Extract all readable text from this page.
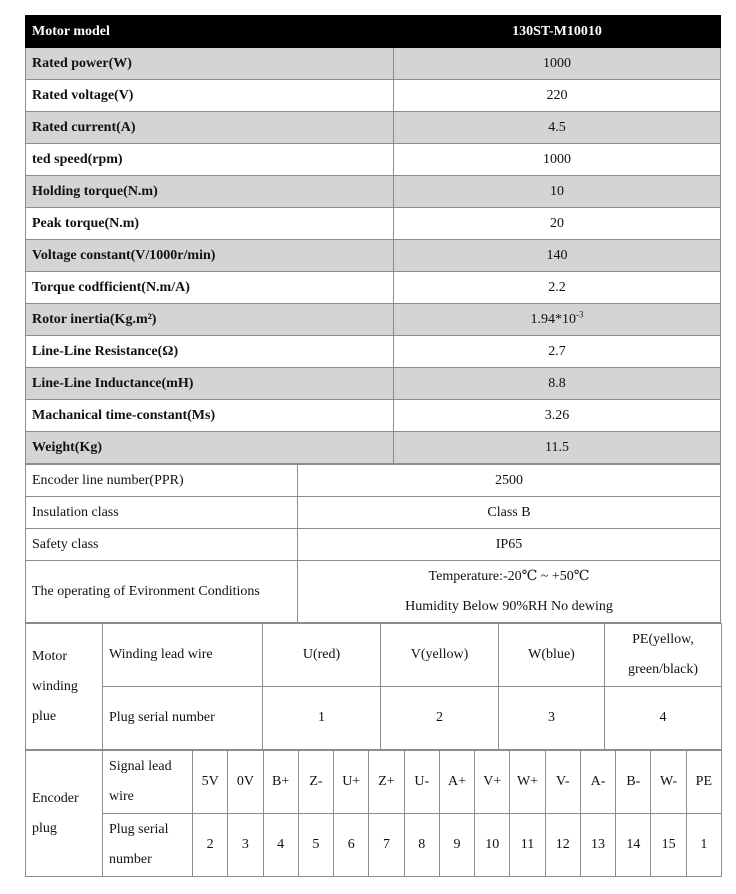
Motor model	130ST-M10010
Rated power(W)	1000
Rated voltage(V)	220
Rated current(A)	4.5
ted speed(rpm)	1000
Holding torque(N.m)	10
Peak torque(N.m)	20
Voltage constant(V/1000r/min)	140
Torque codfficient(N.m/A)	2.2
Rotor inertia(Kg.m²)	$1.94*10^{-3}$
Line-Line Resistance(Ω)	2.7
Line-Line Inductance(mH)	8.8
Machanical time-constant(Ms)	3.26
Weight(Kg)	11.5
Encoder line number(PPR)	2500
Insulation class	Class B
Safety class	IP65
The operating of Evironment Conditions	Temperature:-20℃ ~ +50℃
Humidity Below 90%RH No dewing
Motor winding plue	Winding lead wire	U(red)	V(yellow)	W(blue)	PE(yellow, green/black)
	Plug serial number	1	2	3	4
Encoder plug	Signal lead wire	5V	0V	B+	Z-	U+	Z+	U-	A+	V+	W+	V-	A-	B-	W-	PE
	Plug serial number	2	3	4	5	6	7	8	9	10	11	12	13	14	15	1
